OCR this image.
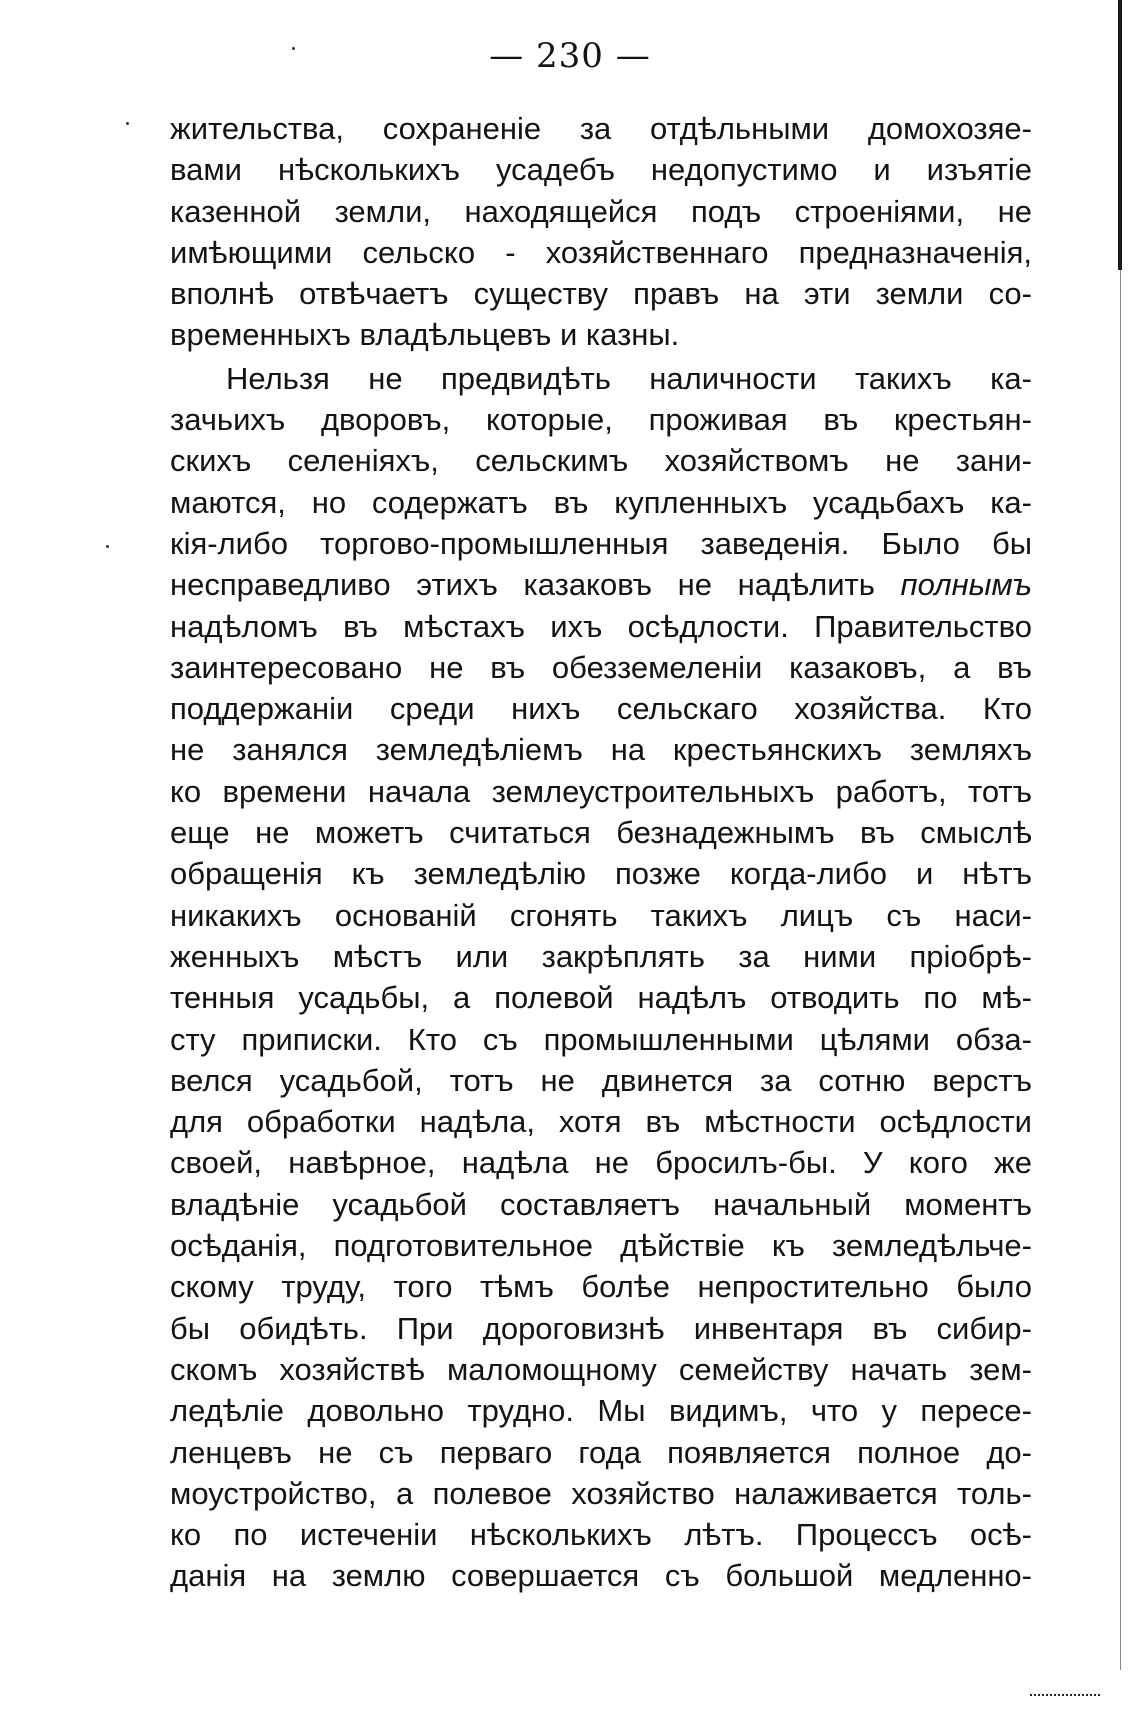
— 230 —
жительства, сохраненіе за отдѣльными домохозяе-
вами нѣсколькихъ усадебъ недопустимо и изъятіе
казенной земли, находящейся подъ строеніями, не
имѣющими сельско - хозяйственнаго предназначенія,
вполнѣ отвѣчаетъ существу правъ на эти земли со-
временныхъ владѣльцевъ и казны.
Нельзя не предвидѣть наличности такихъ ка-
зачьихъ дворовъ, которые, проживая въ крестьян-
скихъ селеніяхъ, сельскимъ хозяйствомъ не зани-
маются, но содержатъ въ купленныхъ усадьбахъ ка-
кія-либо торгово-промышленныя заведенія. Было бы
несправедливо этихъ казаковъ не надѣлить полнымъ
надѣломъ въ мѣстахъ ихъ осѣдлости. Правительство
заинтересовано не въ обезземеленіи казаковъ, а въ
поддержаніи среди нихъ сельскаго хозяйства. Кто
не занялся земледѣліемъ на крестьянскихъ земляхъ
ко времени начала землеустроительныхъ работъ, тотъ
еще не можетъ считаться безнадежнымъ въ смыслѣ
обращенія къ земледѣлію позже когда-либо и нѣтъ
никакихъ основаній сгонять такихъ лицъ съ наси-
женныхъ мѣстъ или закрѣплять за ними пріобрѣ-
тенныя усадьбы, а полевой надѣлъ отводить по мѣ-
сту приписки. Кто съ промышленными цѣлями обза-
велся усадьбой, тотъ не двинется за сотню верстъ
для обработки надѣла, хотя въ мѣстности осѣдлости
своей, навѣрное, надѣла не бросилъ-бы. У кого же
владѣніе усадьбой составляетъ начальный моментъ
осѣданія, подготовительное дѣйствіе къ земледѣльче-
скому труду, того тѣмъ болѣе непростительно было
бы обидѣть. При дороговизнѣ инвентаря въ сибир-
скомъ хозяйствѣ маломощному семейству начать зем-
ледѣліе довольно трудно. Мы видимъ, что у пересе-
ленцевъ не съ перваго года появляется полное до-
моустройство, а полевое хозяйство налаживается толь-
ко по истеченіи нѣсколькихъ лѣтъ. Процессъ осѣ-
данія на землю совершается съ большой медленно-
